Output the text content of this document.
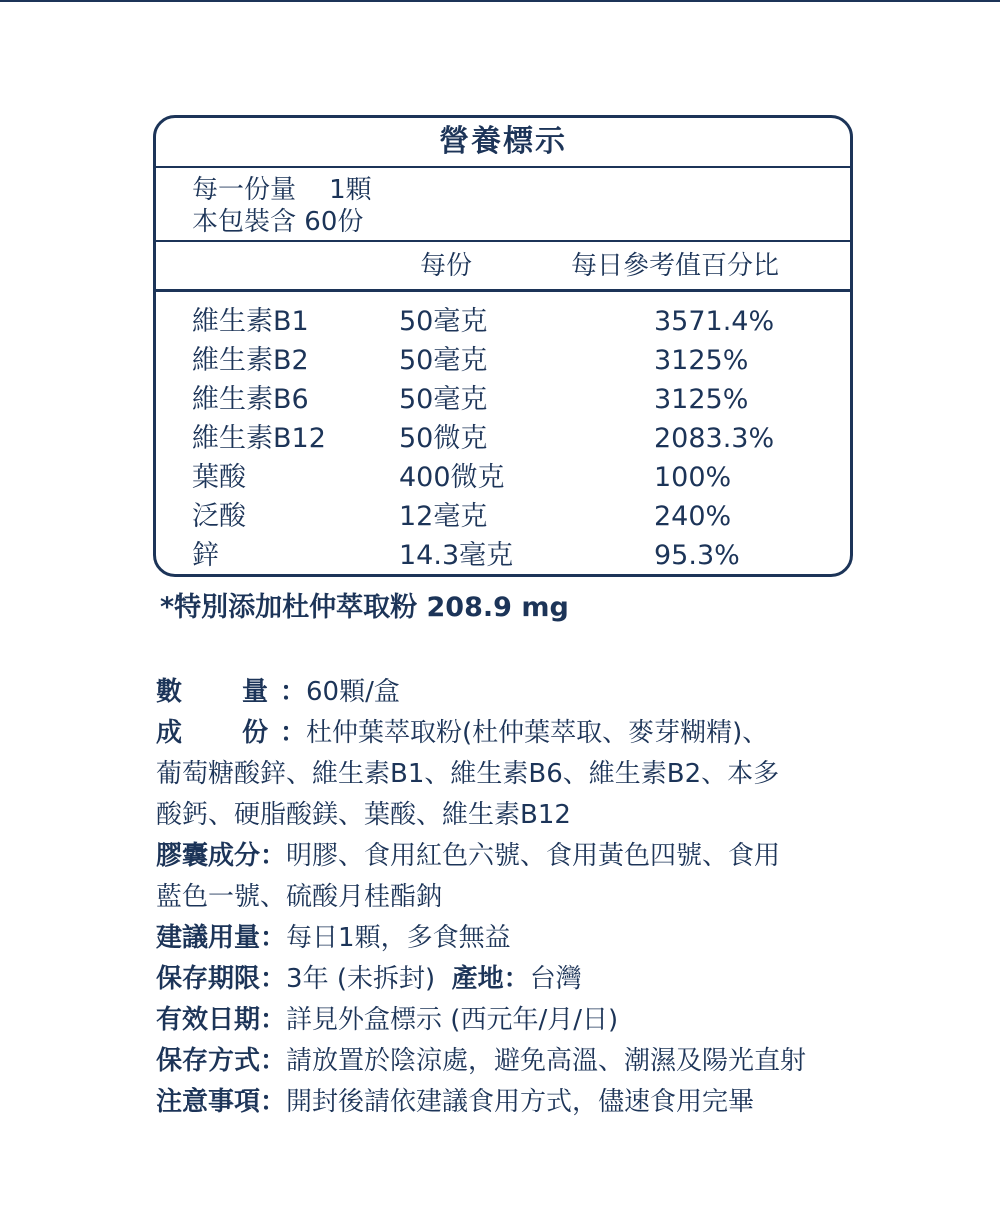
營養標示
每一份量 1顆
本包裝含 60份
每份	每日參考值百分比
維生素B1	50毫克	3571.4%
維生素B2	50毫克	3125%
維生素B6	50毫克	3125%
維生素B12	50微克	2083.3%
葉酸	400微克	100%
泛酸	12毫克	240%
鋅	14.3毫克	95.3%
*特別添加杜仲萃取粉 208.9 mg
數 量 ：60顆/盒
成 份 ：杜仲葉萃取粉(杜仲葉萃取、麥芽糊精)、
葡萄糖酸鋅、維生素B1、維生素B6、維生素B2、本多
酸鈣、硬脂酸鎂、葉酸、維生素B12
膠囊成分：明膠、食用紅色六號、食用黃色四號、食用
藍色一號、硫酸月桂酯鈉
建議用量：每日1顆，多食無益
保存期限：3年 (未拆封) 產地：台灣
有效日期：詳見外盒標示 (西元年/月/日)
保存方式：請放置於陰涼處，避免高溫、潮濕及陽光直射
注意事項：開封後請依建議食用方式，儘速食用完畢
